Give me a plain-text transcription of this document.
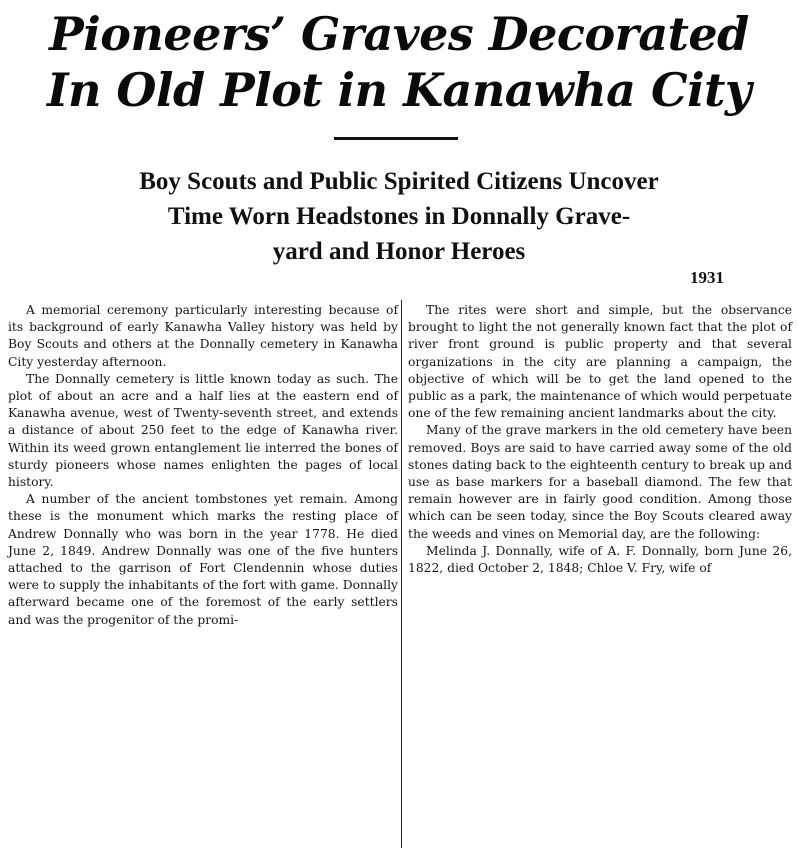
Pioneers’ Graves Decorated
In Old Plot in Kanawha City
Boy Scouts and Public Spirited Citizens Uncover
Time Worn Headstones in Donnally Grave-
yard and Honor Heroes
1931

A memorial ceremony particularly interesting because of its background of early Kanawha Valley history was held by Boy Scouts and others at the Donnally cemetery in Kanawha City yesterday afternoon.

The Donnally cemetery is little known today as such. The plot of about an acre and a half lies at the eastern end of Kanawha avenue, west of Twenty-seventh street, and extends a distance of about 250 feet to the edge of Kanawha river. Within its weed grown entanglement lie interred the bones of sturdy pioneers whose names enlighten the pages of local history.

A number of the ancient tombstones yet remain. Among these is the monument which marks the resting place of Andrew Donnally who was born in the year 1778. He died June 2, 1849. Andrew Donnally was one of the five hunters attached to the garrison of Fort Clendennin whose duties were to supply the inhabitants of the fort with game. Donnally afterward became one of the foremost of the early settlers and was the progenitor of the promi-

The rites were short and simple, but the observance brought to light the not generally known fact that the plot of river front ground is public property and that several organizations in the city are planning a campaign, the objective of which will be to get the land opened to the public as a park, the maintenance of which would perpetuate one of the few remaining ancient landmarks about the city.

Many of the grave markers in the old cemetery have been removed. Boys are said to have carried away some of the old stones dating back to the eighteenth century to break up and use as base markers for a baseball diamond. The few that remain however are in fairly good condition. Among those which can be seen today, since the Boy Scouts cleared away the weeds and vines on Memorial day, are the following:

Melinda J. Donnally, wife of A. F. Donnally, born June 26, 1822, died October 2, 1848; Chloe V. Fry, wife of
